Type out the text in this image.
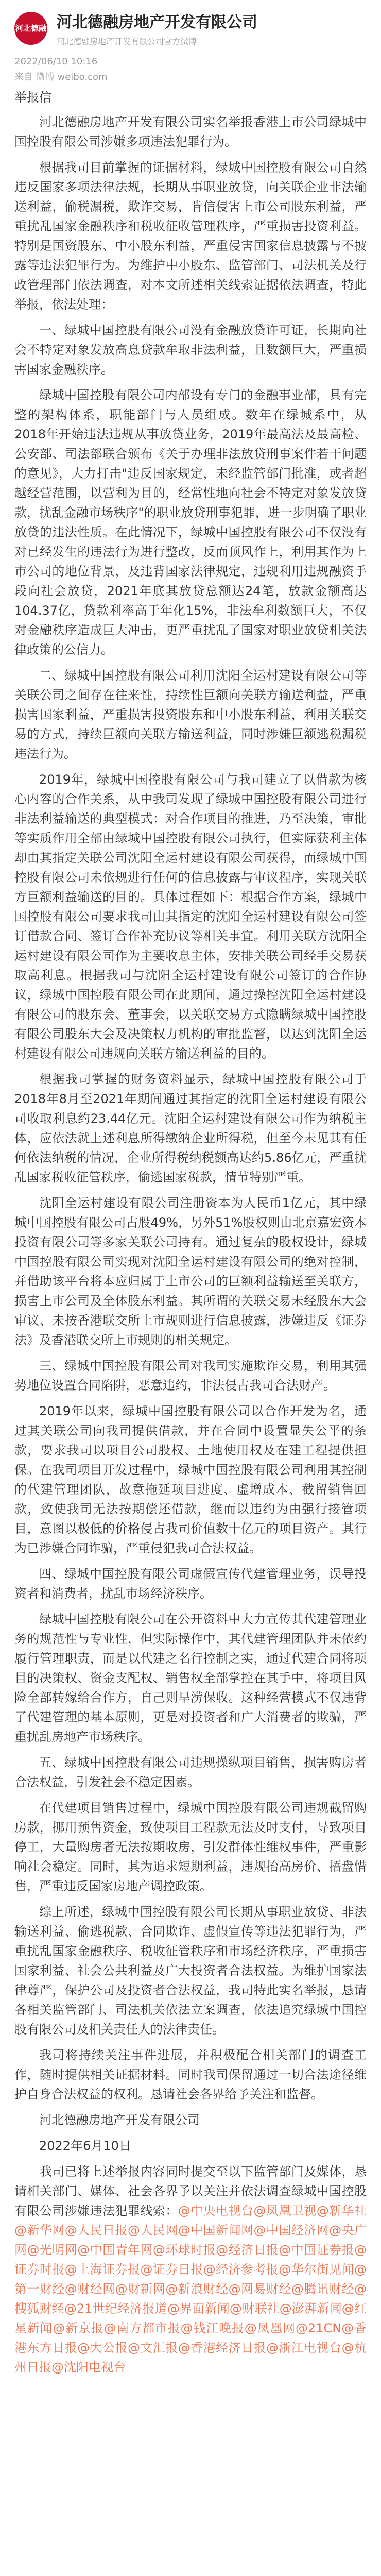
河北德融 河北德融房地产开发有限公司
河北德融房地产开发有限公司官方微博
2022/06/10 10:16
来自 微博 weibo.com
举报信

河北德融房地产开发有限公司实名举报香港上市公司绿城中国控股有限公司涉嫌多项违法犯罪行为。

根据我司目前掌握的证据材料，绿城中国控股有限公司自然违反国家多项法律法规，长期从事职业放贷，向关联企业非法输送利益，偷税漏税，欺诈交易，肯信侵害上市公司股东利益，严重扰乱国家金融秩序和税收征收管理秩序，严重损害投资利益。特别是国资股东、中小股东利益，严重侵害国家信息披露与不披露等违法犯罪行为。为维护中小股东、监管部门、司法机关及行政管理部门依法调查，对本文所述相关线索证据依法调查，特此举报，依法处理：

一、绿城中国控股有限公司没有金融放贷许可证，长期向社会不特定对象发放高息贷款牟取非法利益，且数额巨大，严重损害国家金融秩序。

绿城中国控股有限公司内部设有专门的金融事业部，具有完整的架构体系，职能部门与人员组成。数年在绿城系中，从2018年开始违法违规从事放贷业务，2019年最高法及最高检、公安部、司法部联合颁布《关于办理非法放贷刑事案件若干问题的意见》，大力打击"违反国家规定，未经监管部门批准，或者超越经营范围，以营利为目的，经常性地向社会不特定对象发放贷款，扰乱金融市场秩序"的职业放贷刑事犯罪，进一步明确了职业放贷的违法性质。在此情况下，绿城中国控股有限公司不仅没有对已经发生的违法行为进行整改，反而顶风作上，利用其作为上市公司的地位背景，及违背国家法律规定，违规利用违规融资手段向社会放贷，2021年底其放贷总额达24笔，放款金额高达104.37亿，贷款利率高于年化15%，非法牟利数额巨大，不仅对金融秩序造成巨大冲击，更严重扰乱了国家对职业放贷相关法律政策的公信力。

二、绿城中国控股有限公司利用沈阳全运村建设有限公司等关联公司之间存在往来性，持续性巨额向关联方输送利益，严重损害国家利益，严重损害投资股东和中小股东利益，利用关联交易的方式，持续巨额向关联方输送利益，同时涉嫌巨额逃税漏税违法行为。

2019年，绿城中国控股有限公司与我司建立了以借款为核心内容的合作关系，从中我司发现了绿城中国控股有限公司进行非法利益输送的典型模式：对合作项目的推进，乃至决策，审批等实质作用全部由绿城中国控股有限公司执行，但实际获利主体却由其指定关联公司沈阳全运村建设有限公司获得，而绿城中国控股有限公司未依规进行任何的信息披露与审议程序，实现关联方巨额利益输送的目的。具体过程如下：根据合作方案，绿城中国控股有限公司要求我司由其指定的沈阳全运村建设有限公司签订借款合同、签订合作补充协议等相关事宜。利用关联方沈阳全运村建设有限公司作为主要收息主体，安排关联公司经手交易获取高利息。根据我司与沈阳全运村建设有限公司签订的合作协议，绿城中国控股有限公司在此期间，通过操控沈阳全运村建设有限公司的股东会、董事会，以关联交易方式隐瞒绿城中国控股有限公司股东大会及决策权力机构的审批监督，以达到沈阳全运村建设有限公司违规向关联方输送利益的目的。

根据我司掌握的财务资料显示，绿城中国控股有限公司于2018年8月至2021年期间通过其指定的沈阳全运村建设有限公司收取利息约23.44亿元。沈阳全运村建设有限公司作为纳税主体，应依法就上述利息所得缴纳企业所得税，但至今未见其有任何依法纳税的情况，企业所得税纳税额高达约5.86亿元，严重扰乱国家税收征管秩序，偷逃国家税款，情节特别严重。

沈阳全运村建设有限公司注册资本为人民币1亿元，其中绿城中国控股有限公司占股49%，另外51%股权则由北京嘉宏资本投资有限公司等多家关联公司持有。通过复杂的股权设计，绿城中国控股有限公司实现对沈阳全运村建设有限公司的绝对控制，并借助该平台将本应归属于上市公司的巨额利益输送至关联方，损害上市公司及全体股东利益。其所谓的关联交易未经股东大会审议、未按香港联交所上市规则进行信息披露，涉嫌违反《证券法》及香港联交所上市规则的相关规定。

三、绿城中国控股有限公司对我司实施欺诈交易，利用其强势地位设置合同陷阱，恶意违约，非法侵占我司合法财产。

2019年以来，绿城中国控股有限公司以合作开发为名，通过其关联公司向我司提供借款，并在合同中设置显失公平的条款，要求我司以项目公司股权、土地使用权及在建工程提供担保。在我司项目开发过程中，绿城中国控股有限公司利用其控制的代建管理团队，故意拖延项目进度、虚增成本、截留销售回款，致使我司无法按期偿还借款，继而以违约为由强行接管项目，意图以极低的价格侵占我司价值数十亿元的项目资产。其行为已涉嫌合同诈骗，严重侵犯我司合法权益。

四、绿城中国控股有限公司虚假宣传代建管理业务，误导投资者和消费者，扰乱市场经济秩序。

绿城中国控股有限公司在公开资料中大力宣传其代建管理业务的规范性与专业性，但实际操作中，其代建管理团队并未依约履行管理职责，而是以代建之名行控制之实，通过代建合同将项目的决策权、资金支配权、销售权全部掌控在其手中，将项目风险全部转嫁给合作方，自己则旱涝保收。这种经营模式不仅违背了代建管理的基本原则，更是对投资者和广大消费者的欺骗，严重扰乱房地产市场秩序。

五、绿城中国控股有限公司违规操纵项目销售，损害购房者合法权益，引发社会不稳定因素。

在代建项目销售过程中，绿城中国控股有限公司违规截留购房款，挪用预售资金，致使项目工程款无法及时支付，导致项目停工，大量购房者无法按期收房，引发群体性维权事件，严重影响社会稳定。同时，其为追求短期利益，违规抬高房价、捂盘惜售，严重违反国家房地产调控政策。

综上所述，绿城中国控股有限公司长期从事职业放贷、非法输送利益、偷逃税款、合同欺诈、虚假宣传等违法犯罪行为，严重扰乱国家金融秩序、税收征管秩序和市场经济秩序，严重损害国家利益、社会公共利益及广大投资者合法权益。为维护国家法律尊严，保护公司及投资者合法权益，我司特此实名举报，恳请各相关监管部门、司法机关依法立案调查，依法追究绿城中国控股有限公司及相关责任人的法律责任。

我司将持续关注事件进展，并积极配合相关部门的调查工作，随时提供相关证据材料。同时我司保留通过一切合法途径维护自身合法权益的权利。恳请社会各界给予关注和监督。

河北德融房地产开发有限公司

2022年6月10日

　　我司已将上述举报内容同时提交至以下监管部门及媒体，恳请相关部门、媒体、社会各界予以关注并依法调查绿城中国控股有限公司涉嫌违法犯罪线索：@中央电视台@凤凰卫视@新华社@新华网@人民日报@人民网@中国新闻网@中国经济网@央广网@光明网@中国青年网@环球时报@经济日报@中国证券报@证券时报@上海证券报@证券日报@经济参考报@华尔街见闻@第一财经@财经网@财新网@新浪财经@网易财经@腾讯财经@搜狐财经@21世纪经济报道@界面新闻@财联社@澎湃新闻@红星新闻@新京报@南方都市报@钱江晚报@凤凰网@21CN@香港东方日报@大公报@文汇报@香港经济日报@浙江电视台@杭州日报@沈阳电视台
